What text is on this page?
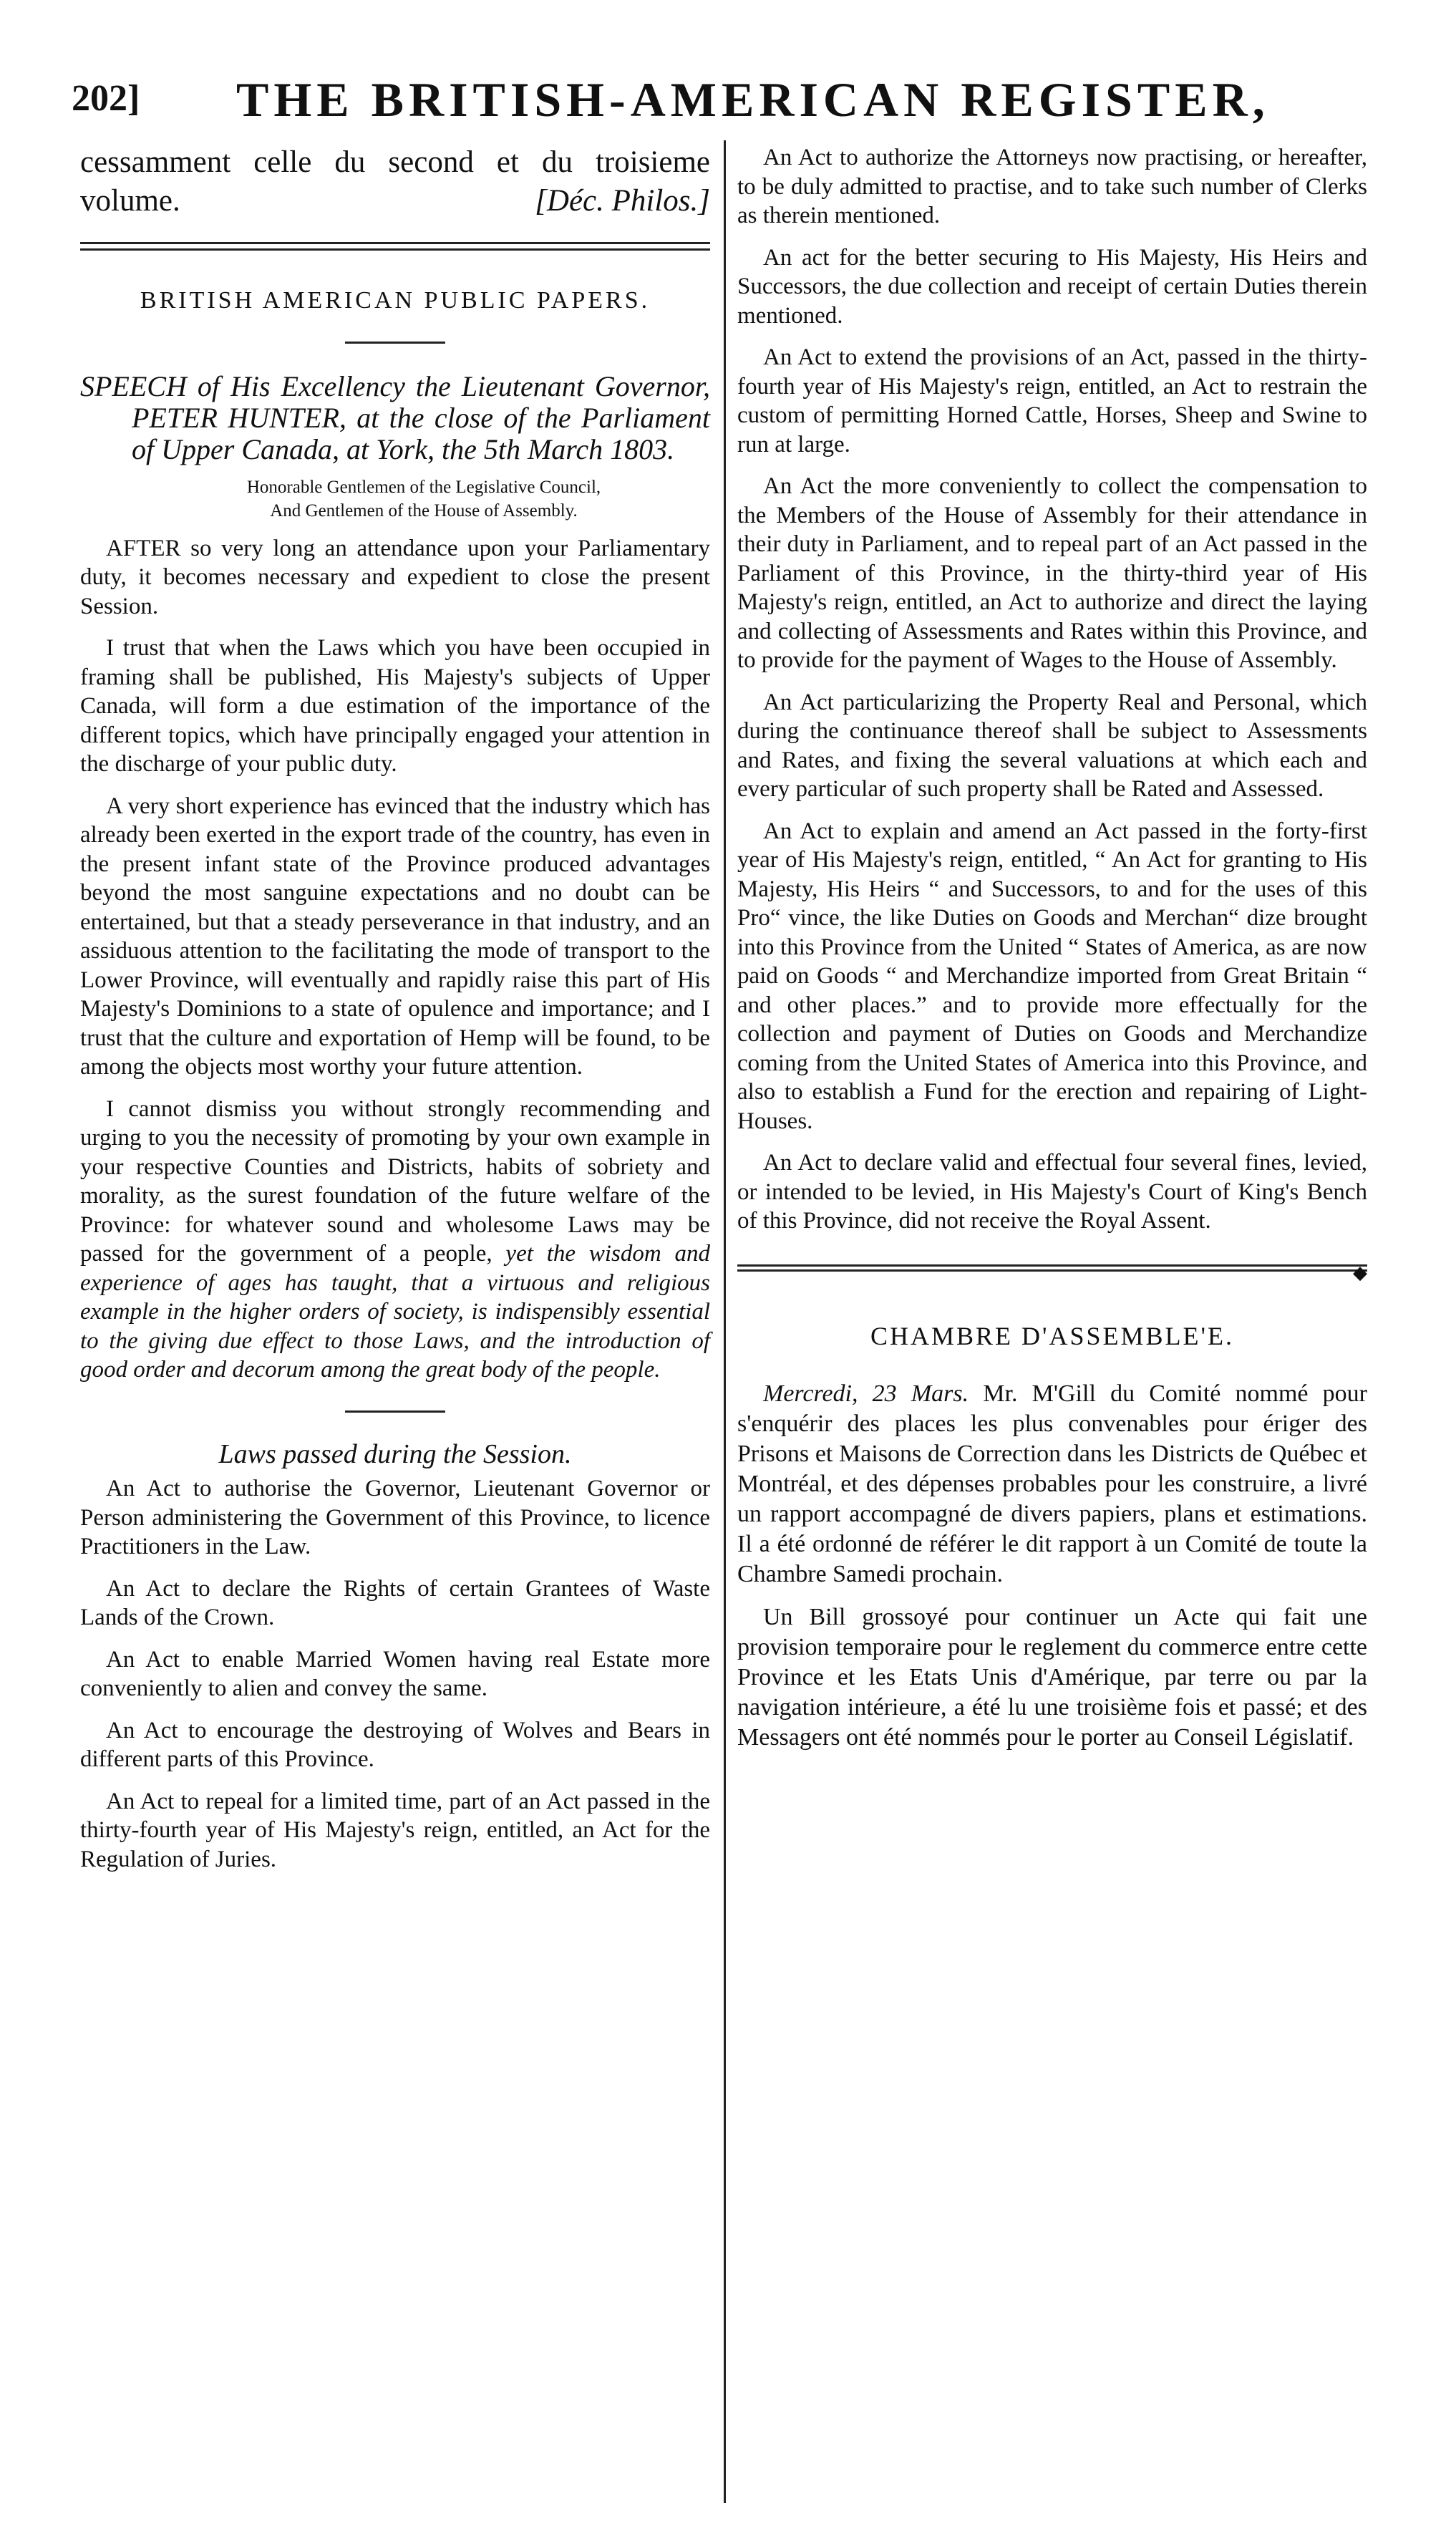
202] THE BRITISH-AMERICAN REGISTER,

cessamment celle du second et du troisieme volume.	[Déc. Philos.]

BRITISH AMERICAN PUBLIC PAPERS.

SPEECH of His Excellency the Lieutenant Governor, PETER HUNTER, at the close of the Parliament of Upper Canada, at York, the 5th March 1803.

Honorable Gentlemen of the Legislative Council,

And Gentlemen of the House of Assembly.

AFTER so very long an attendance upon your Parliamentary duty, it becomes necessary and expedient to close the present Session.

I trust that when the Laws which you have been occupied in framing shall be published, His Majesty's subjects of Upper Canada, will form a due estimation of the importance of the different topics, which have principally engaged your attention in the discharge of your public duty.

A very short experience has evinced that the industry which has already been exerted in the export trade of the country, has even in the present infant state of the Province produced advantages beyond the most sanguine expectations and no doubt can be entertained, but that a steady perseverance in that industry, and an assiduous attention to the facilitating the mode of transport to the Lower Province, will eventually and rapidly raise this part of His Majesty's Dominions to a state of opulence and importance; and I trust that the culture and exportation of Hemp will be found, to be among the objects most worthy your future attention.

I cannot dismiss you without strongly recommending and urging to you the necessity of promoting by your own example in your respective Counties and Districts, habits of sobriety and morality, as the surest foundation of the future welfare of the Province: for whatever sound and wholesome Laws may be passed for the government of a people, yet the wisdom and experience of ages has taught, that a virtuous and religious example in the higher orders of society, is indispensibly essential to the giving due effect to those Laws, and the introduction of good order and decorum among the great body of the people.

Laws passed during the Session.

An Act to authorise the Governor, Lieutenant Governor or Person administering the Government of this Province, to licence Practitioners in the Law.

An Act to declare the Rights of certain Grantees of Waste Lands of the Crown.

An Act to enable Married Women having real Estate more conveniently to alien and convey the same.

An Act to encourage the destroying of Wolves and Bears in different parts of this Province.

An Act to repeal for a limited time, part of an Act passed in the thirty-fourth year of His Majesty's reign, entitled, an Act for the Regulation of Juries.

An Act to authorize the Attorneys now practising, or hereafter, to be duly admitted to practise, and to take such number of Clerks as therein mentioned.

An act for the better securing to His Majesty, His Heirs and Successors, the due collection and receipt of certain Duties therein mentioned.

An Act to extend the provisions of an Act, passed in the thirty-fourth year of His Majesty's reign, entitled, an Act to restrain the custom of permitting Horned Cattle, Horses, Sheep and Swine to run at large.

An Act the more conveniently to collect the compensation to the Members of the House of Assembly for their attendance in their duty in Parliament, and to repeal part of an Act passed in the Parliament of this Province, in the thirty-third year of His Majesty's reign, entitled, an Act to authorize and direct the laying and collecting of Assessments and Rates within this Province, and to provide for the payment of Wages to the House of Assembly.

An Act particularizing the Property Real and Personal, which during the continuance thereof shall be subject to Assessments and Rates, and fixing the several valuations at which each and every particular of such property shall be Rated and Assessed.

An Act to explain and amend an Act passed in the forty-first year of His Majesty's reign, entitled, “ An Act for granting to His Majesty, His Heirs “ and Successors, to and for the uses of this Pro“ vince, the like Duties on Goods and Merchan“ dize brought into this Province from the United “ States of America, as are now paid on Goods “ and Merchandize imported from Great Britain “ and other places.” and to provide more effectually for the collection and payment of Duties on Goods and Merchandize coming from the United States of America into this Province, and also to establish a Fund for the erection and repairing of Light-Houses.

An Act to declare valid and effectual four several fines, levied, or intended to be levied, in His Majesty's Court of King's Bench of this Province, did not receive the Royal Assent.

◆

CHAMBRE D'ASSEMBLE'E.

Mercredi, 23 Mars. Mr. M'Gill du Comité nommé pour s'enquérir des places les plus convenables pour ériger des Prisons et Maisons de Correction dans les Districts de Québec et Montréal, et des dépenses probables pour les construire, a livré un rapport accompagné de divers papiers, plans et estimations. Il a été ordonné de référer le dit rapport à un Comité de toute la Chambre Samedi prochain.

Un Bill grossoyé pour continuer un Acte qui fait une provision temporaire pour le reglement du commerce entre cette Province et les Etats Unis d'Amérique, par terre ou par la navigation intérieure, a été lu une troisième fois et passé; et des Messagers ont été nommés pour le porter au Conseil Législatif.
